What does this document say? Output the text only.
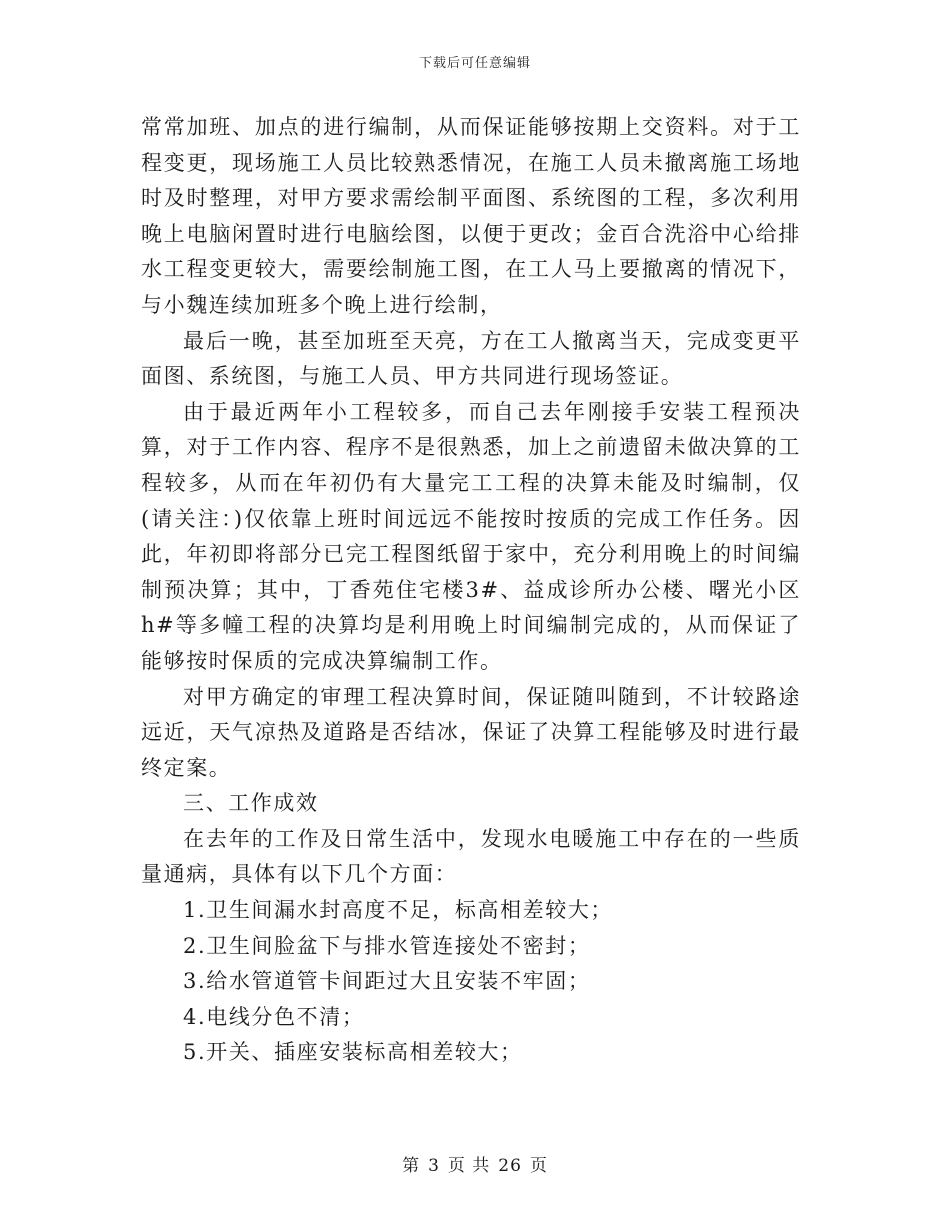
下载后可任意编辑

常常加班、加点的进行编制，从而保证能够按期上交资料。对于工程变更，现场施工人员比较熟悉情况，在施工人员未撤离施工场地时及时整理，对甲方要求需绘制平面图、系统图的工程，多次利用晚上电脑闲置时进行电脑绘图，以便于更改；金百合洗浴中心给排水工程变更较大，需要绘制施工图，在工人马上要撤离的情况下，与小魏连续加班多个晚上进行绘制，

最后一晚，甚至加班至天亮，方在工人撤离当天，完成变更平面图、系统图，与施工人员、甲方共同进行现场签证。

由于最近两年小工程较多，而自己去年刚接手安装工程预决算，对于工作内容、程序不是很熟悉，加上之前遗留未做决算的工程较多，从而在年初仍有大量完工工程的决算未能及时编制，仅(请关注：)仅依靠上班时间远远不能按时按质的完成工作任务。因此，年初即将部分已完工程图纸留于家中，充分利用晚上的时间编制预决算；其中，丁香苑住宅楼3#、益成诊所办公楼、曙光小区h#等多幢工程的决算均是利用晚上时间编制完成的，从而保证了能够按时保质的完成决算编制工作。

对甲方确定的审理工程决算时间，保证随叫随到，不计较路途远近，天气凉热及道路是否结冰，保证了决算工程能够及时进行最终定案。

三、工作成效

在去年的工作及日常生活中，发现水电暖施工中存在的一些质量通病，具体有以下几个方面：

1.卫生间漏水封高度不足，标高相差较大；

2.卫生间脸盆下与排水管连接处不密封；

3.给水管道管卡间距过大且安装不牢固；

4.电线分色不清；

5.开关、插座安装标高相差较大；

第 3 页 共 26 页
